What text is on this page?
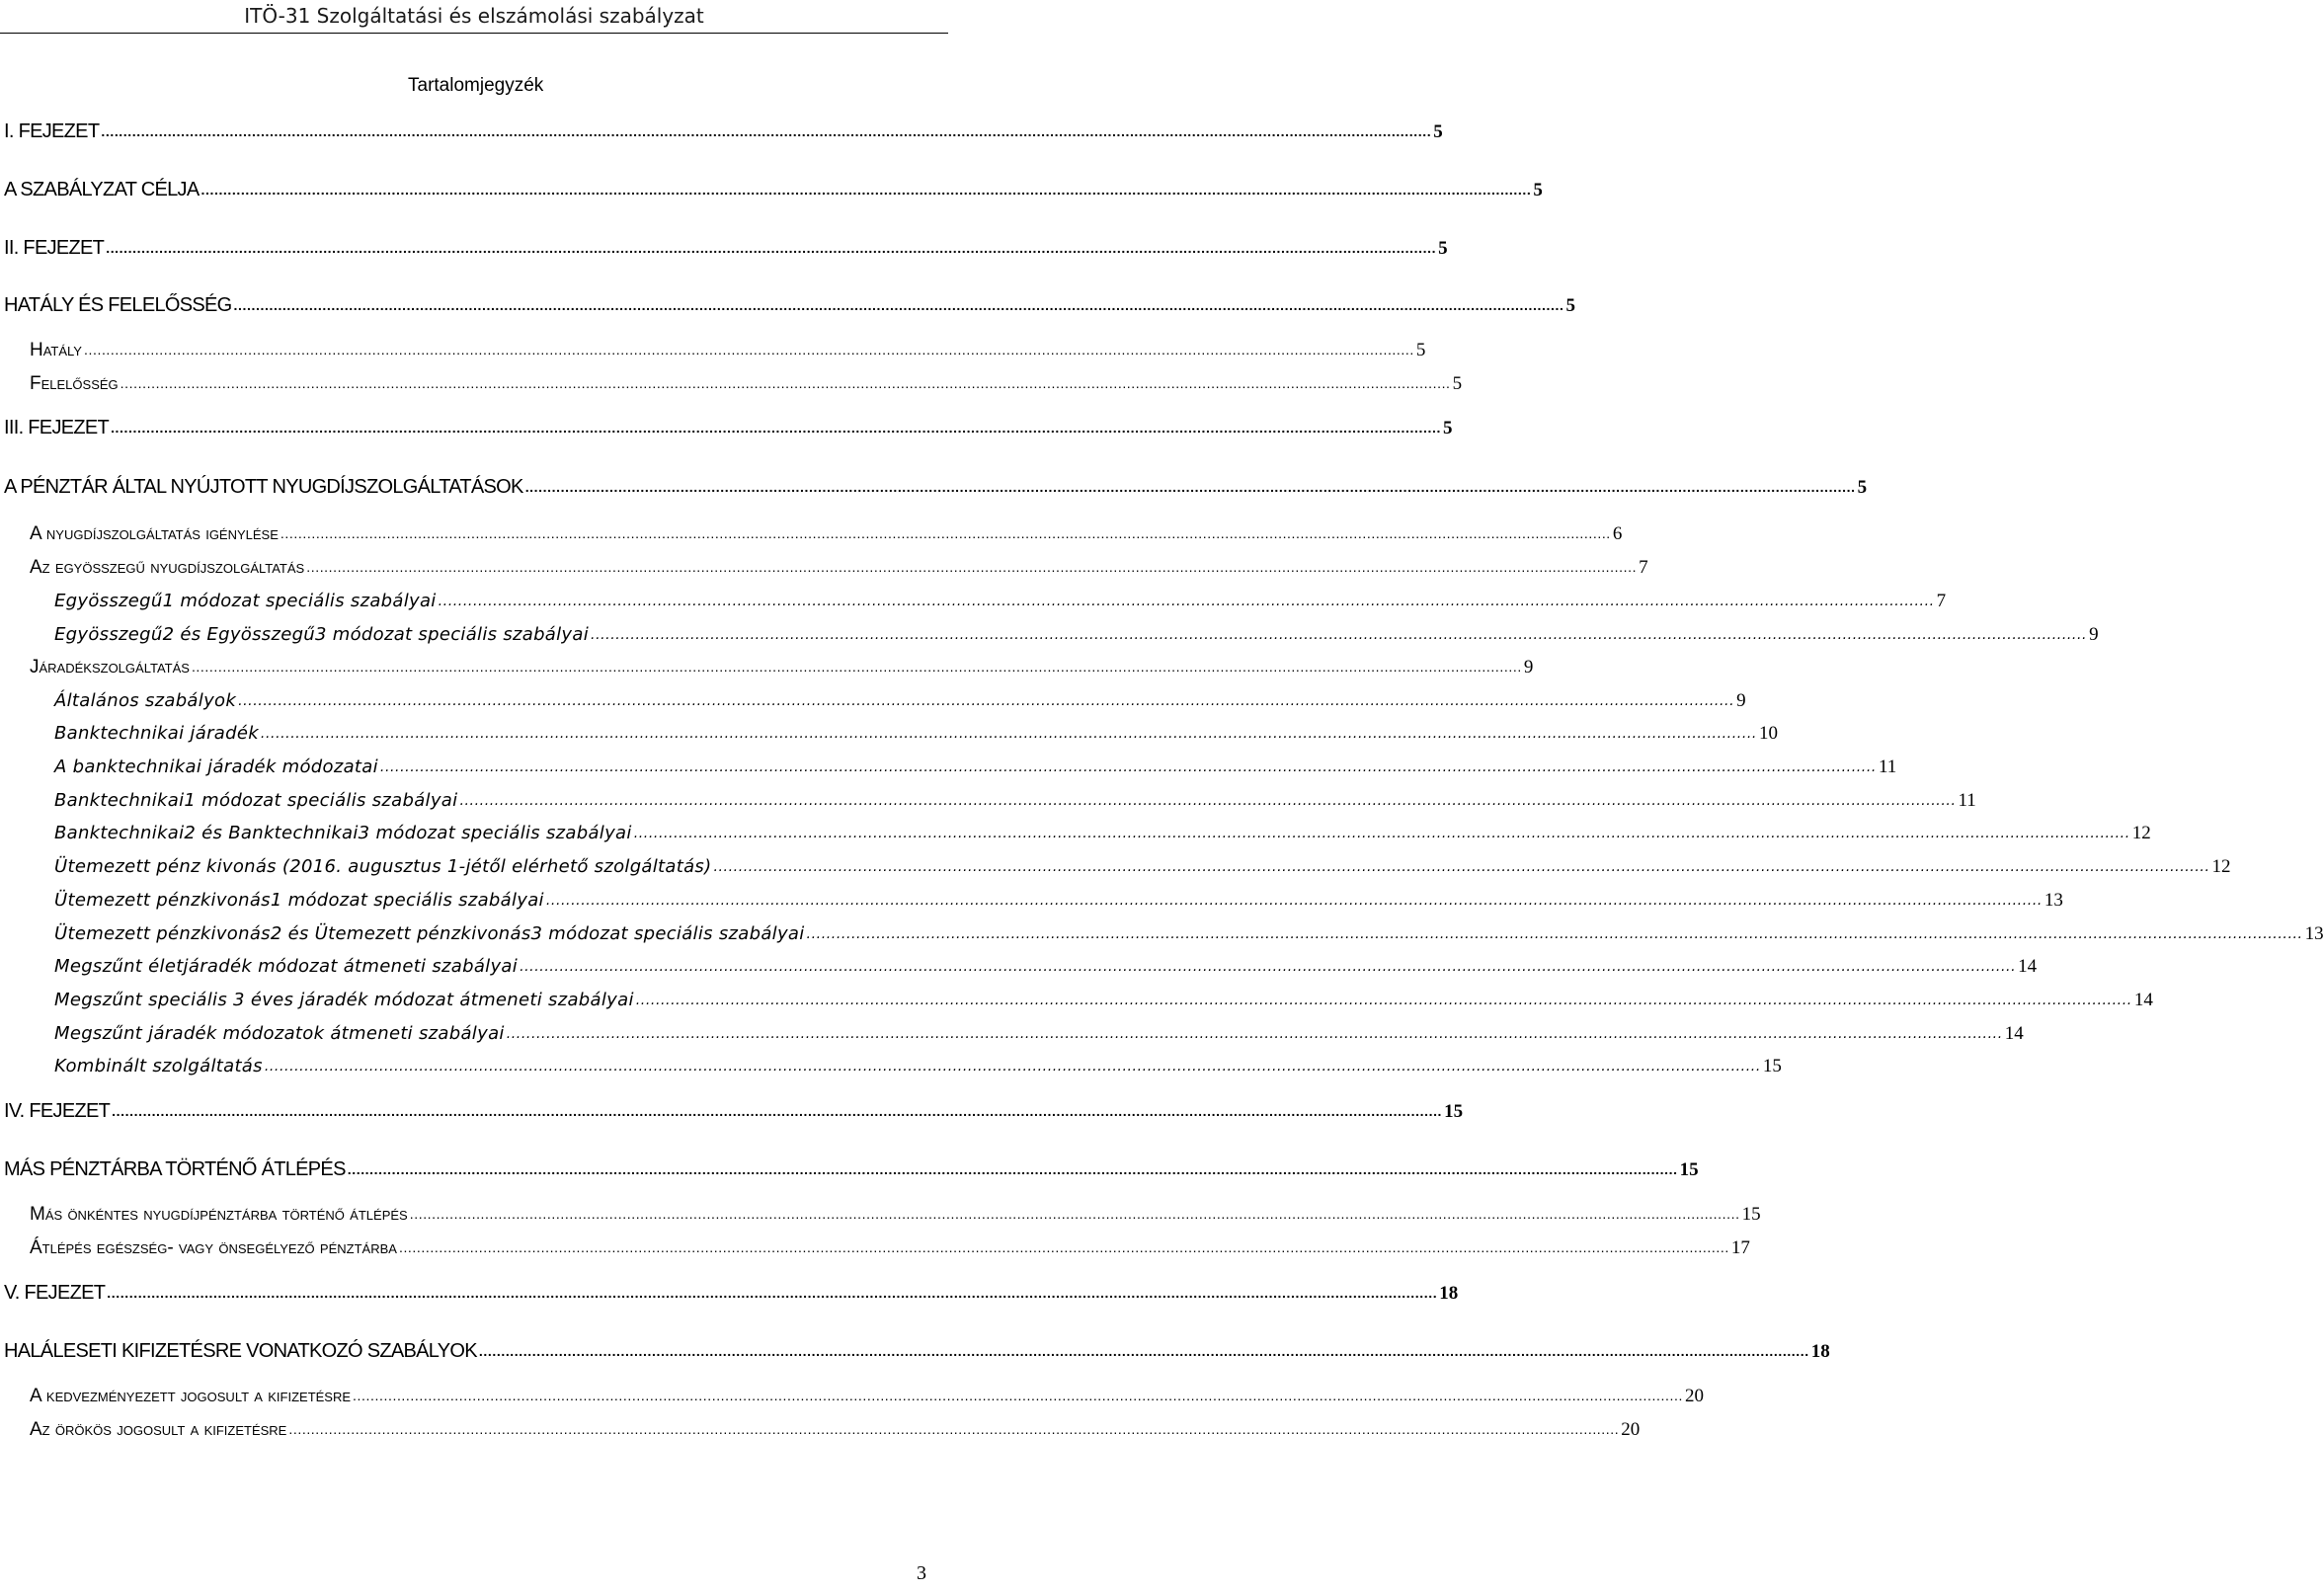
ITÖ-31 Szolgáltatási és elszámolási szabályzat
Tartalomjegyzék
I. FEJEZET ............................................................................................................................................................................................................................................................................................................ 5
A SZABÁLYZAT CÉLJA ............................................................................................................................................................................................................................................................................................................ 5
II. FEJEZET ............................................................................................................................................................................................................................................................................................................ 5
HATÁLY ÉS FELELŐSSÉG ............................................................................................................................................................................................................................................................................................................ 5
Hatály ............................................................................................................................................................................................................................................................................................................ 5
Felelősség ............................................................................................................................................................................................................................................................................................................ 5
III. FEJEZET ............................................................................................................................................................................................................................................................................................................ 5
A PÉNZTÁR ÁLTAL NYÚJTOTT NYUGDÍJSZOLGÁLTATÁSOK ............................................................................................................................................................................................................................................................................................................ 5
A nyugdíjszolgáltatás igénylése ............................................................................................................................................................................................................................................................................................................ 6
Az egyösszegű nyugdíjszolgáltatás ............................................................................................................................................................................................................................................................................................................ 7
Egyösszegű1 módozat speciális szabályai ............................................................................................................................................................................................................................................................................................................ 7
Egyösszegű2 és Egyösszegű3 módozat speciális szabályai ............................................................................................................................................................................................................................................................................................................ 9
Járadékszolgáltatás ............................................................................................................................................................................................................................................................................................................ 9
Általános szabályok ............................................................................................................................................................................................................................................................................................................ 9
Banktechnikai járadék ............................................................................................................................................................................................................................................................................................................ 10
A banktechnikai járadék módozatai ............................................................................................................................................................................................................................................................................................................ 11
Banktechnikai1 módozat speciális szabályai ............................................................................................................................................................................................................................................................................................................ 11
Banktechnikai2 és Banktechnikai3 módozat speciális szabályai ............................................................................................................................................................................................................................................................................................................ 12
Ütemezett pénz kivonás (2016. augusztus 1-jétől elérhető szolgáltatás) ............................................................................................................................................................................................................................................................................................................ 12
Ütemezett pénzkivonás1 módozat speciális szabályai ............................................................................................................................................................................................................................................................................................................ 13
Ütemezett pénzkivonás2 és Ütemezett pénzkivonás3 módozat speciális szabályai ............................................................................................................................................................................................................................................................................................................ 13
Megszűnt életjáradék módozat átmeneti szabályai ............................................................................................................................................................................................................................................................................................................ 14
Megszűnt speciális 3 éves járadék módozat átmeneti szabályai ............................................................................................................................................................................................................................................................................................................ 14
Megszűnt járadék módozatok átmeneti szabályai ............................................................................................................................................................................................................................................................................................................ 14
Kombinált szolgáltatás ............................................................................................................................................................................................................................................................................................................ 15
IV. FEJEZET ............................................................................................................................................................................................................................................................................................................ 15
MÁS PÉNZTÁRBA TÖRTÉNŐ ÁTLÉPÉS ............................................................................................................................................................................................................................................................................................................ 15
Más önkéntes nyugdíjpénztárba történő átlépés ............................................................................................................................................................................................................................................................................................................ 15
Átlépés egészség- vagy önsegélyező pénztárba ............................................................................................................................................................................................................................................................................................................ 17
V. FEJEZET ............................................................................................................................................................................................................................................................................................................ 18
HALÁLESETI KIFIZETÉSRE VONATKOZÓ SZABÁLYOK ............................................................................................................................................................................................................................................................................................................ 18
A kedvezményezett jogosult a kifizetésre ............................................................................................................................................................................................................................................................................................................ 20
Az örökös jogosult a kifizetésre ............................................................................................................................................................................................................................................................................................................ 20
3
